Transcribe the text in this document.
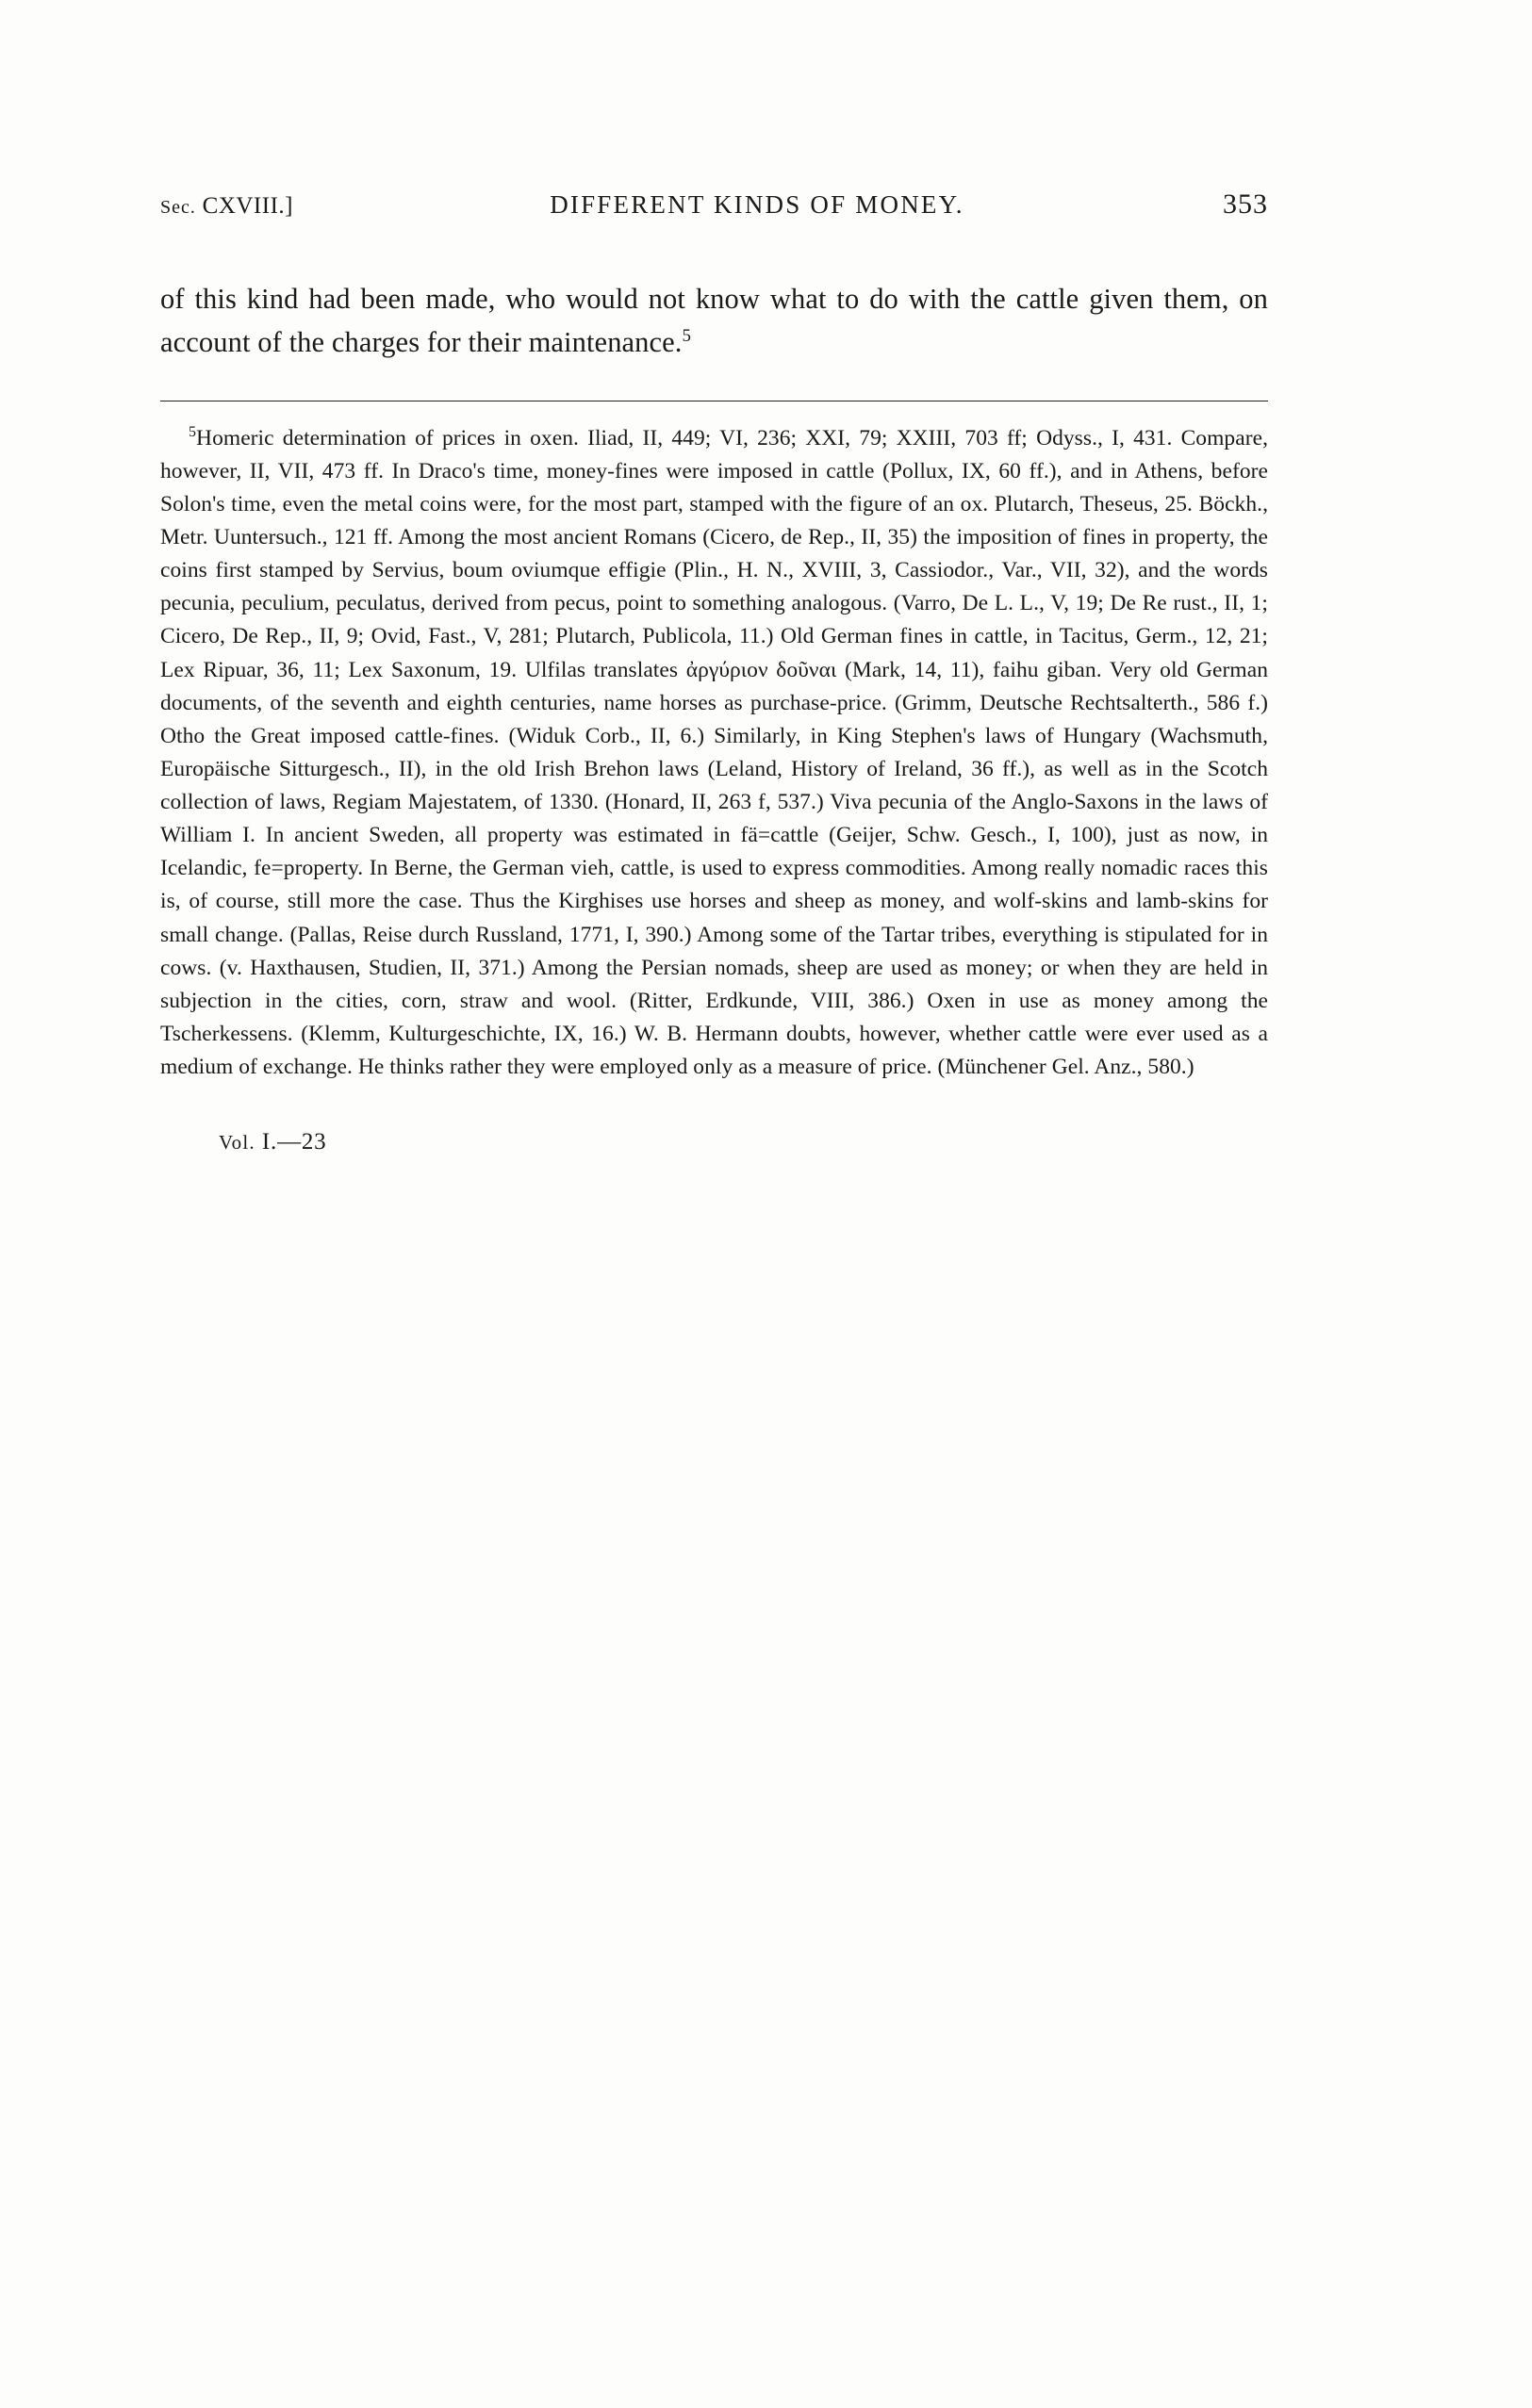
Sec. CXVIII.]	DIFFERENT KINDS OF MONEY.	353
of this kind had been made, who would not know what to do with the cattle given them, on account of the charges for their maintenance.$^5$
$^5$Homeric determination of prices in oxen. Iliad, II, 449; VI, 236; XXI, 79; XXIII, 703 ff; Odyss., I, 431. Compare, however, II, VII, 473 ff. In Draco's time, money-fines were imposed in cattle (Pollux, IX, 60 ff.), and in Athens, before Solon's time, even the metal coins were, for the most part, stamped with the figure of an ox. Plutarch, Theseus, 25. Böckh., Metr. Uuntersuch., 121 ff. Among the most ancient Romans (Cicero, de Rep., II, 35) the imposition of fines in property, the coins first stamped by Servius, boum oviumque effigie (Plin., H. N., XVIII, 3, Cassiodor., Var., VII, 32), and the words pecunia, peculium, peculatus, derived from pecus, point to something analogous. (Varro, De L. L., V, 19; De Re rust., II, 1; Cicero, De Rep., II, 9; Ovid, Fast., V, 281; Plutarch, Publicola, 11.) Old German fines in cattle, in Tacitus, Germ., 12, 21; Lex Ripuar, 36, 11; Lex Saxonum, 19. Ulfilas translates ἀργύριον δοῦναι (Mark, 14, 11), faihu giban. Very old German documents, of the seventh and eighth centuries, name horses as purchase-price. (Grimm, Deutsche Rechtsalterth., 586 f.) Otho the Great imposed cattle-fines. (Widuk Corb., II, 6.) Similarly, in King Stephen's laws of Hungary (Wachsmuth, Europäische Sitturgesch., II), in the old Irish Brehon laws (Leland, History of Ireland, 36 ff.), as well as in the Scotch collection of laws, Regiam Majestatem, of 1330. (Honard, II, 263 f, 537.) Viva pecunia of the Anglo-Saxons in the laws of William I. In ancient Sweden, all property was estimated in fä=cattle (Geijer, Schw. Gesch., I, 100), just as now, in Icelandic, fe=property. In Berne, the German vieh, cattle, is used to express commodities. Among really nomadic races this is, of course, still more the case. Thus the Kirghises use horses and sheep as money, and wolf-skins and lamb-skins for small change. (Pallas, Reise durch Russland, 1771, I, 390.) Among some of the Tartar tribes, everything is stipulated for in cows. (v. Haxthausen, Studien, II, 371.) Among the Persian nomads, sheep are used as money; or when they are held in subjection in the cities, corn, straw and wool. (Ritter, Erdkunde, VIII, 386.) Oxen in use as money among the Tscherkessens. (Klemm, Kulturgeschichte, IX, 16.) W. B. Hermann doubts, however, whether cattle were ever used as a medium of exchange. He thinks rather they were employed only as a measure of price. (Münchener Gel. Anz., 580.)
Vol. I.—23
